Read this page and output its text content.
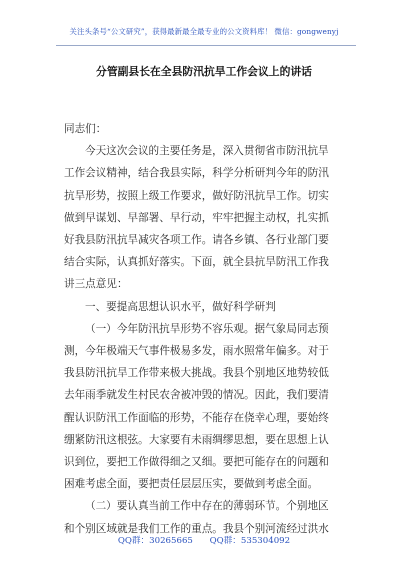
关注头条号“公文研究”，获得最新最全最专业的公文资料库！ 微信：gongwenyj
分管副县长在全县防汛抗旱工作会议上的讲话

同志们：

今天这次会议的主要任务是，深入贯彻省市防汛抗旱

工作会议精神，结合我县实际，科学分析研判今年的防汛

抗旱形势，按照上级工作要求，做好防汛抗旱工作。切实

做到早谋划、早部署、早行动，牢牢把握主动权，扎实抓

好我县防汛抗旱减灾各项工作。请各乡镇、各行业部门要

结合实际，认真抓好落实。下面，就全县抗旱防汛工作我

讲三点意见：

一、要提高思想认识水平，做好科学研判

（一）今年防汛抗旱形势不容乐观。据气象局同志预

测，今年极端天气事件极易多发，雨水照常年偏多。对于

我县防汛抗旱工作带来极大挑战。我县个别地区地势较低

去年雨季就发生村民农舍被冲毁的情况。因此，我们要清

醒认识防汛工作面临的形势，不能存在侥幸心理，要始终

绷紧防汛这根弦。大家要有未雨绸缪思想，要在思想上认

识到位，要把工作做得细之又细。要把可能存在的问题和

困难考虑全面，要把责任层层压实，要做到考虑全面。

（二）要认真当前工作中存在的薄弱环节。个别地区

和个别区域就是我们工作的重点。我县个别河流经过洪水

QQ群：30265665 QQ群：535304092
